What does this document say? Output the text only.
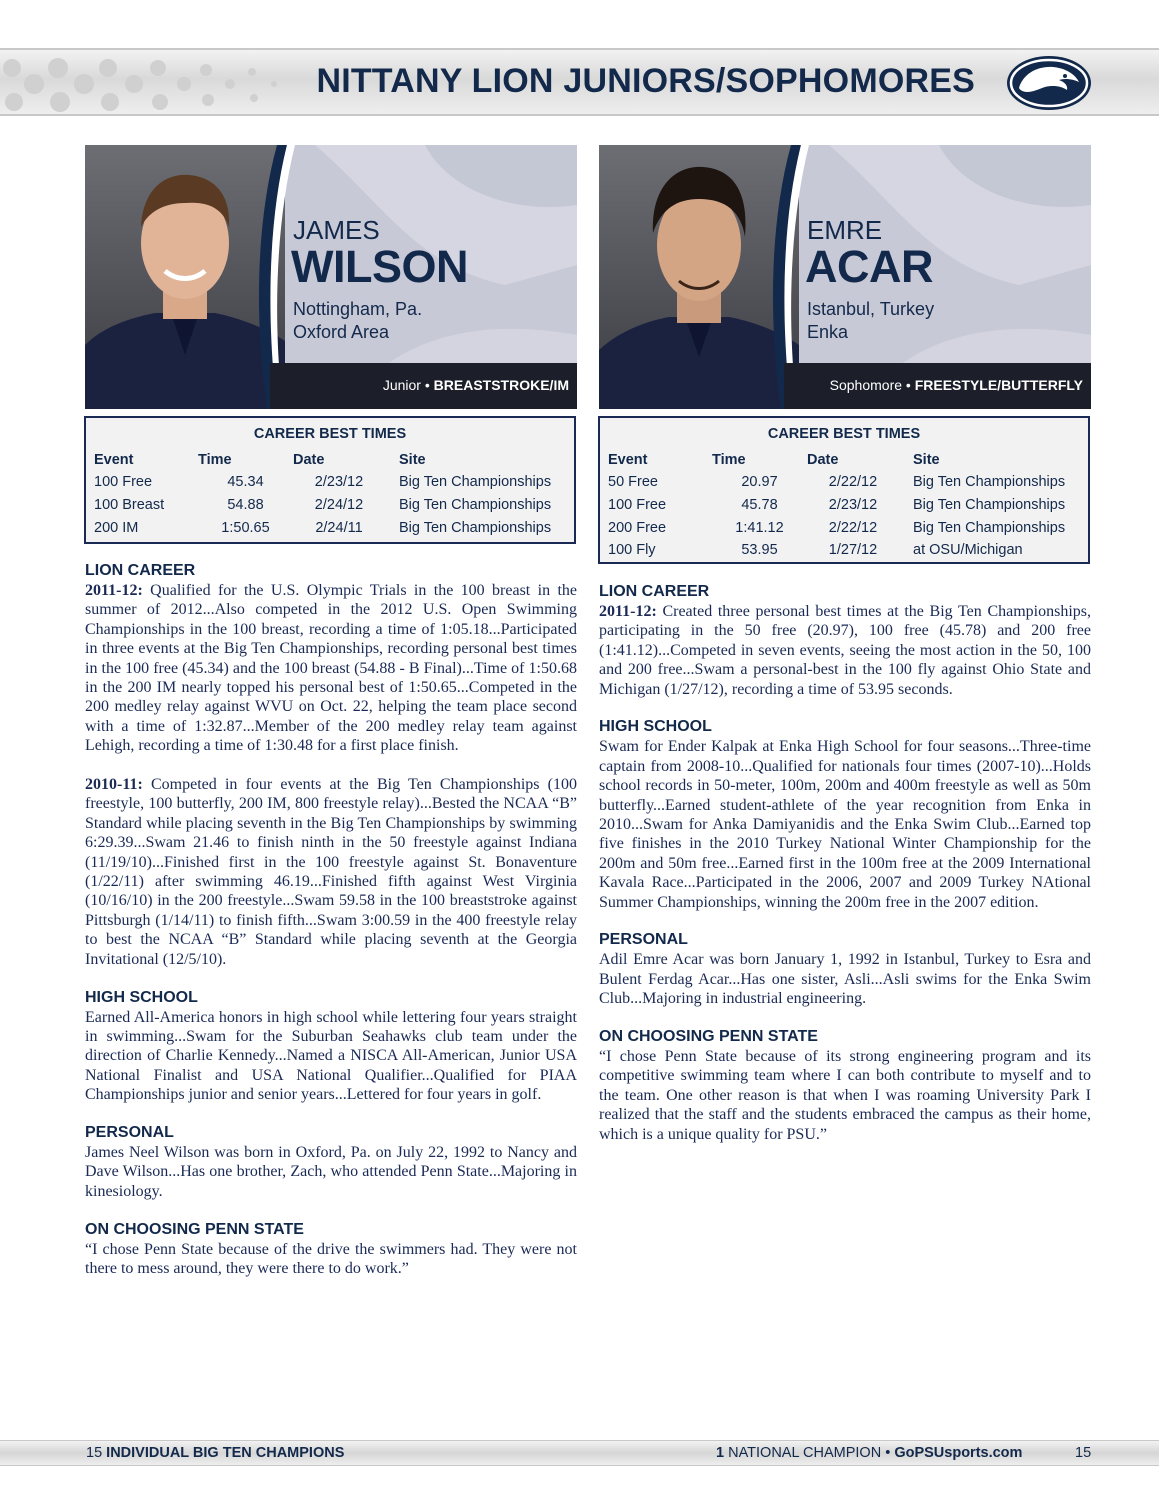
NITTANY LION JUNIORS/SOPHOMORES
JAMES
WILSON
Nottingham, Pa.
Oxford Area
Junior • BREASTSTROKE/IM
EMRE
ACAR
Istanbul, Turkey
Enka
Sophomore • FREESTYLE/BUTTERFLY
CAREER BEST TIMES
Event	Time	Date	Site
100 Free	45.34	2/23/12	Big Ten Championships
100 Breast	54.88	2/24/12	Big Ten Championships
200 IM	1:50.65	2/24/11	Big Ten Championships
CAREER BEST TIMES
Event	Time	Date	Site
50 Free	20.97	2/22/12	Big Ten Championships
100 Free	45.78	2/23/12	Big Ten Championships
200 Free	1:41.12	2/22/12	Big Ten Championships
100 Fly	53.95	1/27/12	at OSU/Michigan
LION CAREER

2011-12: Qualified for the U.S. Olympic Trials in the 100 breast in the summer of 2012...Also competed in the 2012 U.S. Open Swimming Championships in the 100 breast, recording a time of 1:05.18...Participated in three events at the Big Ten Championships, recording personal best times in the 100 free (45.34) and the 100 breast (54.88 - B Final)...Time of 1:50.68 in the 200 IM nearly topped his personal best of 1:50.65...Competed in the 200 medley relay against WVU on Oct. 22, helping the team place second with a time of 1:32.87...Member of the 200 medley relay team against Lehigh, recording a time of 1:30.48 for a first place finish.

2010-11: Competed in four events at the Big Ten Championships (100 freestyle, 100 butterfly, 200 IM, 800 freestyle relay)...Bested the NCAA “B” Standard while placing seventh in the Big Ten Championships by swimming 6:29.39...Swam 21.46 to finish ninth in the 50 freestyle against Indiana (11/19/10)...Finished first in the 100 freestyle against St. Bonaventure (1/22/11) after swimming 46.19...Finished fifth against West Virginia (10/16/10) in the 200 freestyle...Swam 59.58 in the 100 breaststroke against Pittsburgh (1/14/11) to finish fifth...Swam 3:00.59 in the 400 freestyle relay to best the NCAA “B” Standard while placing seventh at the Georgia Invitational (12/5/10).

HIGH SCHOOL

Earned All-America honors in high school while lettering four years straight in swimming...Swam for the Suburban Seahawks club team under the direction of Charlie Kennedy...Named a NISCA All-American, Junior USA National Finalist and USA National Qualifier...Qualified for PIAA Championships junior and senior years...Lettered for four years in golf.

PERSONAL

James Neel Wilson was born in Oxford, Pa. on July 22, 1992 to Nancy and Dave Wilson...Has one brother, Zach, who attended Penn State...Majoring in kinesiology.

ON CHOOSING PENN STATE

“I chose Penn State because of the drive the swimmers had. They were not there to mess around, they were there to do work.”

LION CAREER

2011-12: Created three personal best times at the Big Ten Championships, participating in the 50 free (20.97), 100 free (45.78) and 200 free (1:41.12)...Competed in seven events, seeing the most action in the 50, 100 and 200 free...Swam a personal-best in the 100 fly against Ohio State and Michigan (1/27/12), recording a time of 53.95 seconds.

HIGH SCHOOL

Swam for Ender Kalpak at Enka High School for four seasons...Three-time captain from 2008-10...Qualified for nationals four times (2007-10)...Holds school records in 50-meter, 100m, 200m and 400m freestyle as well as 50m butterfly...Earned student-athlete of the year recognition from Enka in 2010...Swam for Anka Damiyanidis and the Enka Swim Club...Earned top five finishes in the 2010 Turkey National Winter Championship for the 200m and 50m free...Earned first in the 100m free at the 2009 International Kavala Race...Participated in the 2006, 2007 and 2009 Turkey NAtional Summer Championships, winning the 200m free in the 2007 edition.

PERSONAL

Adil Emre Acar was born January 1, 1992 in Istanbul, Turkey to Esra and Bulent Ferdag Acar...Has one sister, Asli...Asli swims for the Enka Swim Club...Majoring in industrial engineering.

ON CHOOSING PENN STATE

“I chose Penn State because of its strong engineering program and its competitive swimming team where I can both contribute to myself and to the team. One other reason is that when I was roaming University Park I realized that the staff and the students embraced the campus as their home, which is a unique quality for PSU.”

15 INDIVIDUAL BIG TEN CHAMPIONS	1 NATIONAL CHAMPION • GoPSUsports.com	15
